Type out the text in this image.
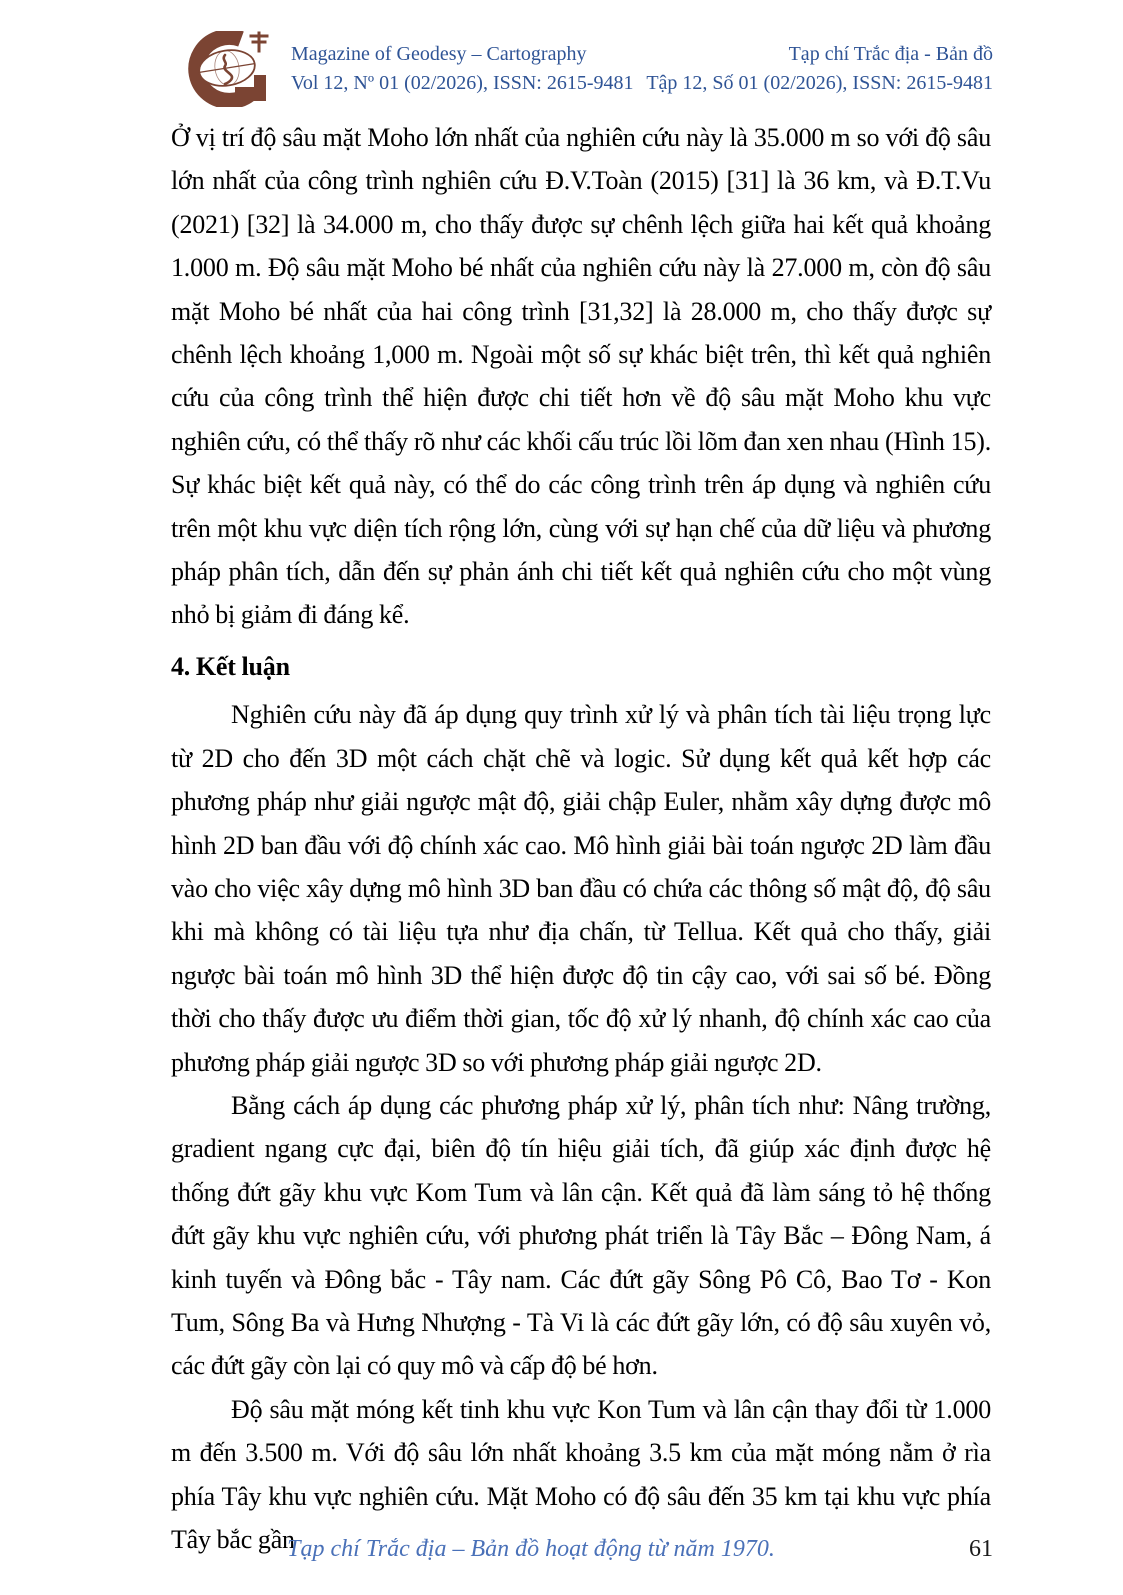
Magazine of Geodesy – Cartography
Vol 12, Nº 01 (02/2026), ISSN: 2615-9481
Tạp chí Trắc địa - Bản đồ
Tập 12, Số 01 (02/2026), ISSN: 2615-9481

Ở vị trí độ sâu mặt Moho lớn nhất của nghiên cứu này là 35.000 m so với độ sâu lớn nhất của công trình nghiên cứu Đ.V.Toàn (2015) [31] là 36 km, và Đ.T.Vu (2021) [32] là 34.000 m, cho thấy được sự chênh lệch giữa hai kết quả khoảng 1.000 m. Độ sâu mặt Moho bé nhất của nghiên cứu này là 27.000 m, còn độ sâu mặt Moho bé nhất của hai công trình [31,32] là 28.000 m, cho thấy được sự chênh lệch khoảng 1,000 m. Ngoài một số sự khác biệt trên, thì kết quả nghiên cứu của công trình thể hiện được chi tiết hơn về độ sâu mặt Moho khu vực nghiên cứu, có thể thấy rõ như các khối cấu trúc lồi lõm đan xen nhau (Hình 15). Sự khác biệt kết quả này, có thể do các công trình trên áp dụng và nghiên cứu trên một khu vực diện tích rộng lớn, cùng với sự hạn chế của dữ liệu và phương pháp phân tích, dẫn đến sự phản ánh chi tiết kết quả nghiên cứu cho một vùng nhỏ bị giảm đi đáng kể.

4. Kết luận

Nghiên cứu này đã áp dụng quy trình xử lý và phân tích tài liệu trọng lực từ 2D cho đến 3D một cách chặt chẽ và logic. Sử dụng kết quả kết hợp các phương pháp như giải ngược mật độ, giải chập Euler, nhằm xây dựng được mô hình 2D ban đầu với độ chính xác cao. Mô hình giải bài toán ngược 2D làm đầu vào cho việc xây dựng mô hình 3D ban đầu có chứa các thông số mật độ, độ sâu khi mà không có tài liệu tựa như địa chấn, từ Tellua. Kết quả cho thấy, giải ngược bài toán mô hình 3D thể hiện được độ tin cậy cao, với sai số bé. Đồng thời cho thấy được ưu điểm thời gian, tốc độ xử lý nhanh, độ chính xác cao của phương pháp giải ngược 3D so với phương pháp giải ngược 2D.

Bằng cách áp dụng các phương pháp xử lý, phân tích như: Nâng trường, gradient ngang cực đại, biên độ tín hiệu giải tích, đã giúp xác định được hệ thống đứt gãy khu vực Kom Tum và lân cận. Kết quả đã làm sáng tỏ hệ thống đứt gãy khu vực nghiên cứu, với phương phát triển là Tây Bắc – Đông Nam, á kinh tuyến và Đông bắc - Tây nam. Các đứt gãy Sông Pô Cô, Bao Tơ - Kon Tum, Sông Ba và Hưng Nhượng - Tà Vi là các đứt gãy lớn, có độ sâu xuyên vỏ, các đứt gãy còn lại có quy mô và cấp độ bé hơn.

Độ sâu mặt móng kết tinh khu vực Kon Tum và lân cận thay đổi từ 1.000 m đến 3.500 m. Với độ sâu lớn nhất khoảng 3.5 km của mặt móng nằm ở rìa phía Tây khu vực nghiên cứu. Mặt Moho có độ sâu đến 35 km tại khu vực phía Tây bắc gần

Tạp chí Trắc địa – Bản đồ hoạt động từ năm 1970.	61
